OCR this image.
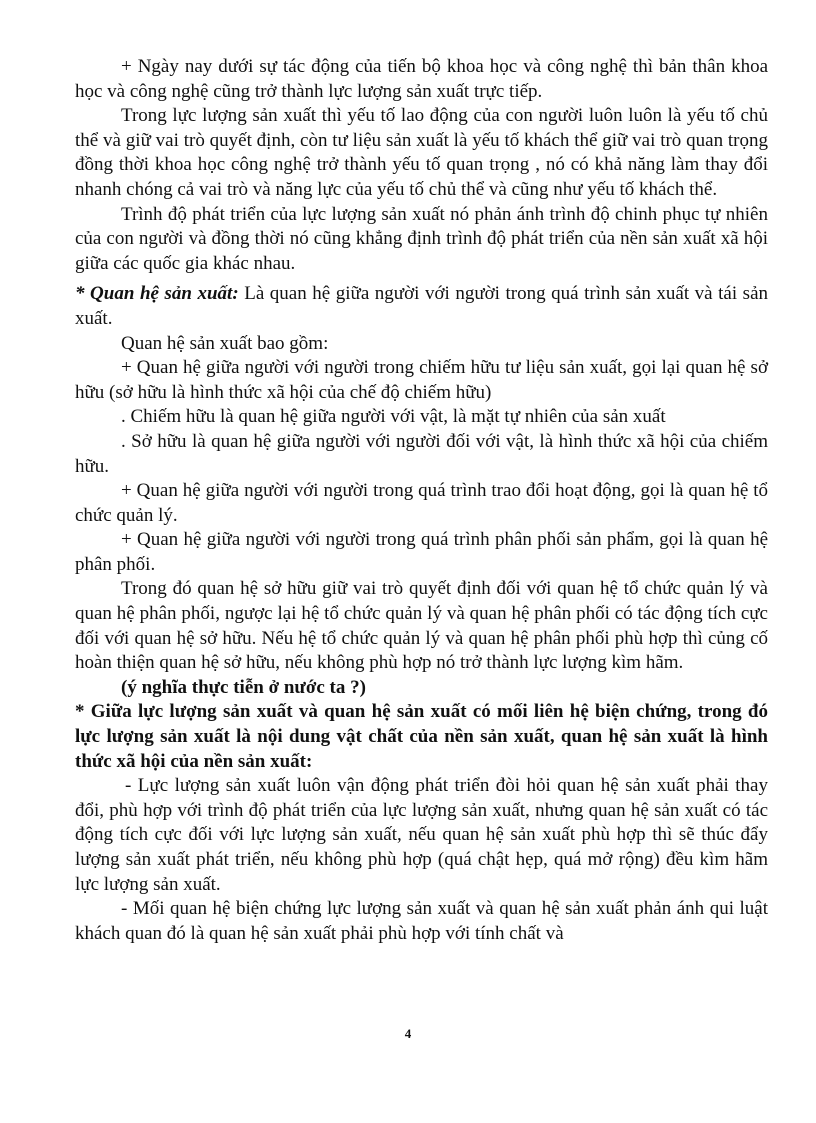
+ Ngày nay dưới sự tác động của tiến bộ khoa học và công nghệ thì bản thân khoa học và công nghệ cũng trở thành lực lượng sản xuất trực tiếp.

Trong lực lượng sản xuất thì yếu tố lao động của con người luôn luôn là yếu tố chủ thể và giữ vai trò quyết định, còn tư liệu sản xuất là yếu tố khách thể giữ vai trò quan trọng đồng thời khoa học công nghệ trở thành yếu tố quan trọng , nó có khả năng làm thay đổi nhanh chóng cả vai trò và năng lực của yếu tố chủ thể và cũng như yếu tố khách thể.

Trình độ phát triển của lực lượng sản xuất nó phản ánh trình độ chinh phục tự nhiên của con người và đồng thời nó cũng khẳng định trình độ phát triển của nền sản xuất xã hội giữa các quốc gia khác nhau.

* Quan hệ sản xuất: Là quan hệ giữa người với người trong quá trình sản xuất và tái sản xuất.

Quan hệ sản xuất bao gồm:

+ Quan hệ giữa người với người trong chiếm hữu tư liệu sản xuất, gọi lại quan hệ sở hữu (sở hữu là hình thức xã hội của chế độ chiếm hữu)

. Chiếm hữu là quan hệ giữa người với vật, là mặt tự nhiên của sản xuất

. Sở hữu là quan hệ giữa người với người đối với vật, là hình thức xã hội của chiếm hữu.

+ Quan hệ giữa người với người trong quá trình trao đổi hoạt động, gọi là quan hệ tổ chức quản lý.

+ Quan hệ giữa người với người trong quá trình phân phối sản phẩm, gọi là quan hệ phân phối.

Trong đó quan hệ sở hữu giữ vai trò quyết định đối với quan hệ tổ chức quản lý và quan hệ phân phối, ngược lại hệ tổ chức quản lý và quan hệ phân phối có tác động tích cực đối với quan hệ sở hữu. Nếu hệ tổ chức quản lý và quan hệ phân phối phù hợp thì củng cố hoàn thiện quan hệ sở hữu, nếu không phù hợp nó trở thành lực lượng kìm hãm.

(ý nghĩa thực tiễn ở nước ta ?)

* Giữa lực lượng sản xuất và quan hệ sản xuất có mối liên hệ biện chứng, trong đó lực lượng sản xuất là nội dung vật chất của nền sản xuất, quan hệ sản xuất là hình thức xã hội của nền sản xuất:

- Lực lượng sản xuất luôn vận động phát triển đòi hỏi quan hệ sản xuất phải thay đổi, phù hợp với trình độ phát triển của lực lượng sản xuất, nhưng quan hệ sản xuất có tác động tích cực đối với lực lượng sản xuất, nếu quan hệ sản xuất phù hợp thì sẽ thúc đẩy lượng sản xuất phát triển, nếu không phù hợp (quá chật hẹp, quá mở rộng) đều kìm hãm lực lượng sản xuất.

- Mối quan hệ biện chứng lực lượng sản xuất và quan hệ sản xuất phản ánh qui luật khách quan đó là quan hệ sản xuất phải phù hợp với tính chất và

4
